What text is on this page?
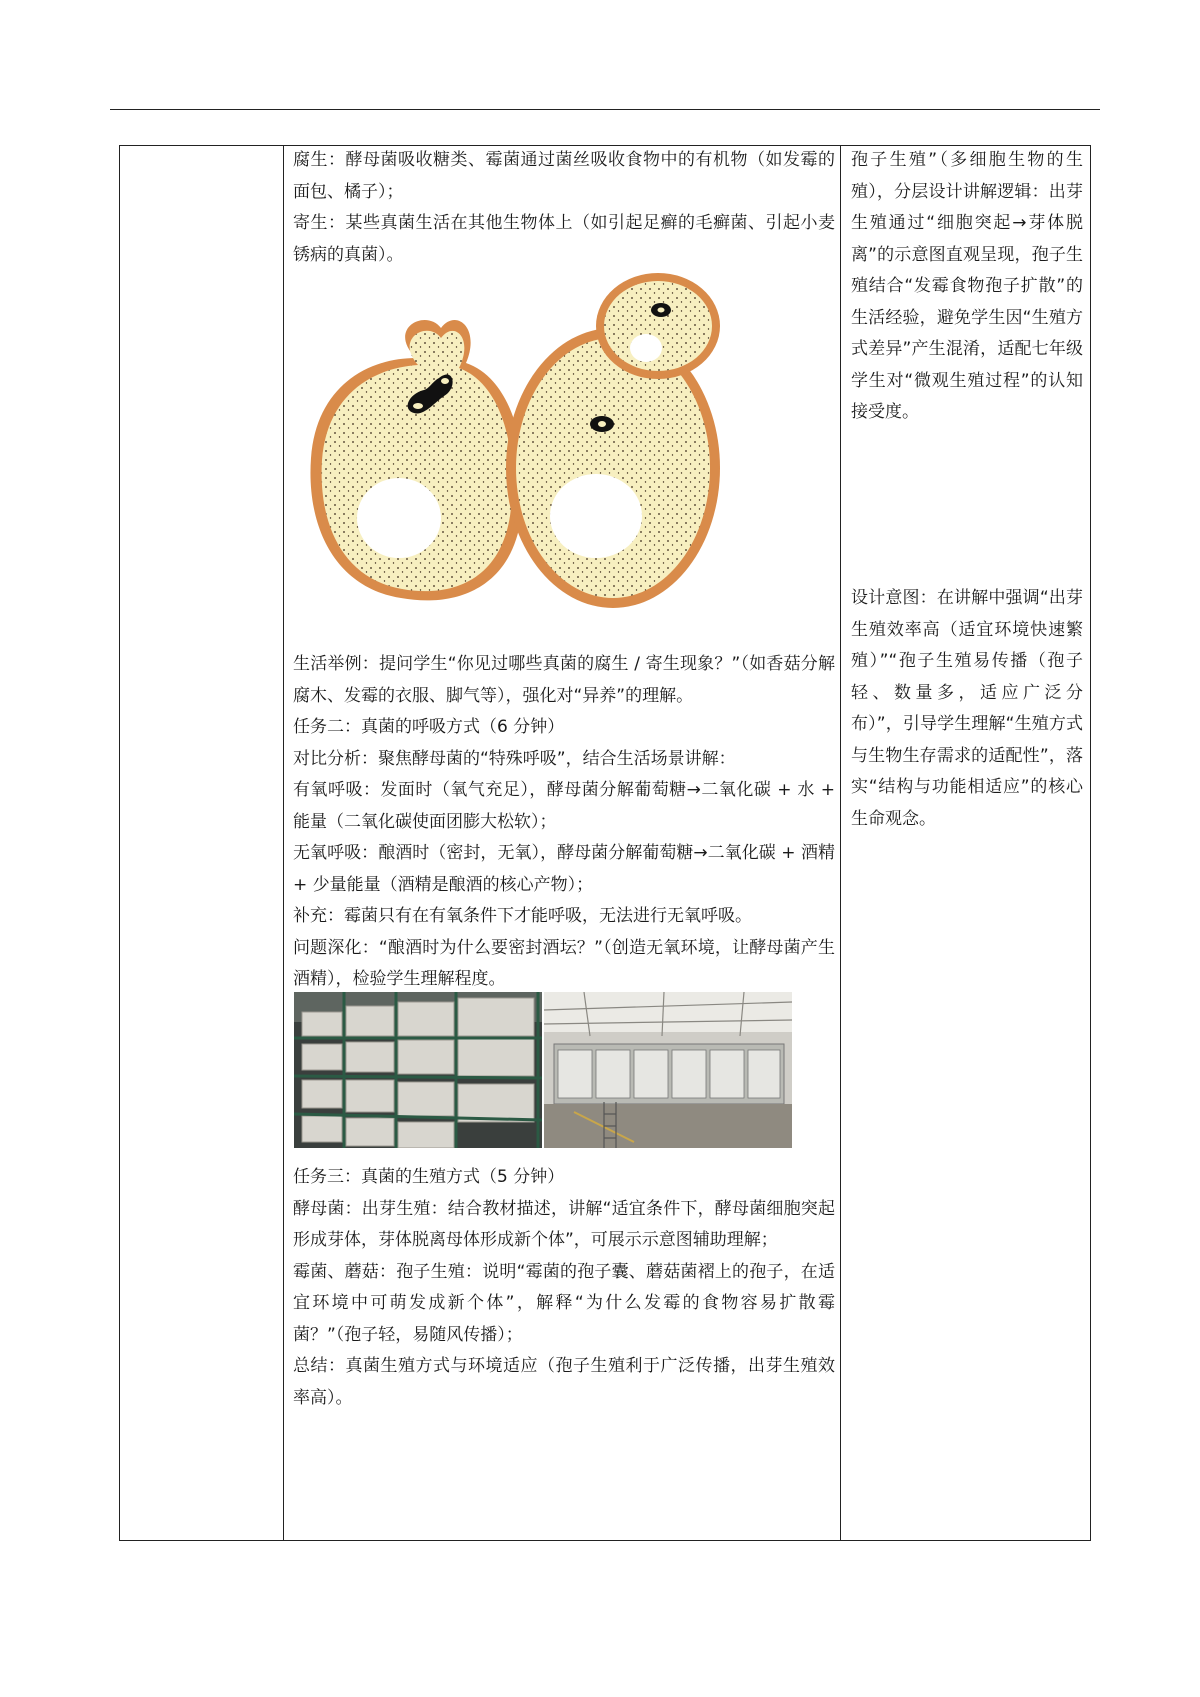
腐生：酵母菌吸收糖类、霉菌通过菌丝吸收食物中的有机物（如发霉的面包、橘子）；

寄生：某些真菌生活在其他生物体上（如引起足癣的毛癣菌、引起小麦锈病的真菌）。

生活举例：提问学生“你见过哪些真菌的腐生 / 寄生现象？”（如香菇分解腐木、发霉的衣服、脚气等），强化对“异养”的理解。

任务二：真菌的呼吸方式（6 分钟）

对比分析：聚焦酵母菌的“特殊呼吸”，结合生活场景讲解：

有氧呼吸：发面时（氧气充足），酵母菌分解葡萄糖→二氧化碳 + 水 + 能量（二氧化碳使面团膨大松软）；

无氧呼吸：酿酒时（密封，无氧），酵母菌分解葡萄糖→二氧化碳 + 酒精 + 少量能量（酒精是酿酒的核心产物）；

补充：霉菌只有在有氧条件下才能呼吸，无法进行无氧呼吸。

问题深化：“酿酒时为什么要密封酒坛？”（创造无氧环境，让酵母菌产生酒精），检验学生理解程度。

任务三：真菌的生殖方式（5 分钟）

酵母菌：出芽生殖：结合教材描述，讲解“适宜条件下，酵母菌细胞突起形成芽体，芽体脱离母体形成新个体”，可展示示意图辅助理解；

霉菌、蘑菇：孢子生殖：说明“霉菌的孢子囊、蘑菇菌褶上的孢子，在适宜环境中可萌发成新个体”，解释“为什么发霉的食物容易扩散霉菌？”（孢子轻，易随风传播）；

总结：真菌生殖方式与环境适应（孢子生殖利于广泛传播，出芽生殖效率高）。

孢子生殖”（多细胞生物的生殖），分层设计讲解逻辑：出芽生殖通过“细胞突起→芽体脱离”的示意图直观呈现，孢子生殖结合“发霉食物孢子扩散”的生活经验，避免学生因“生殖方式差异”产生混淆，适配七年级学生对“微观生殖过程”的认知接受度。

设计意图：在讲解中强调“出芽生殖效率高（适宜环境快速繁殖）”“孢子生殖易传播（孢子轻、数量多，适应广泛分布）”，引导学生理解“生殖方式与生物生存需求的适配性”，落实“结构与功能相适应”的核心生命观念。
